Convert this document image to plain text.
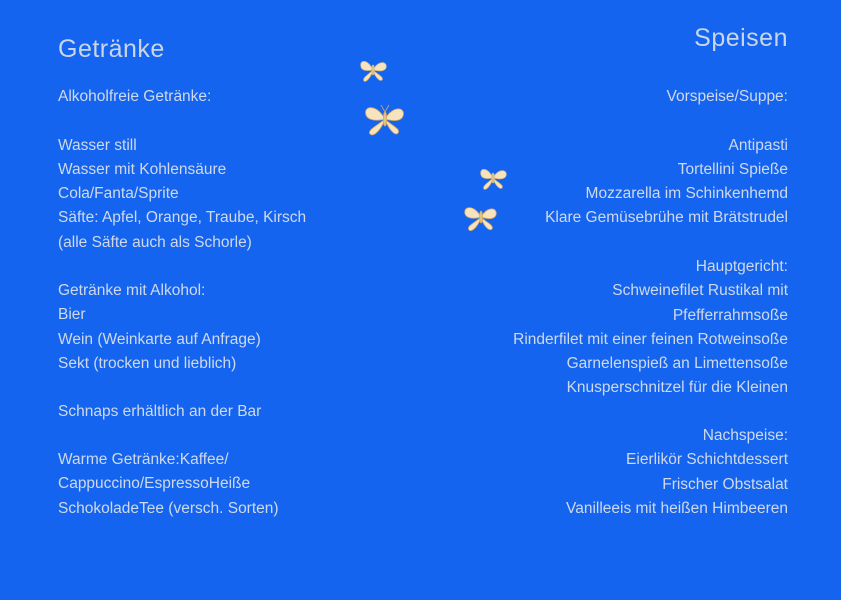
Getränke	Speisen
Alkoholfreie Getränke:
Wasser still
Wasser mit Kohlensäure
Cola/Fanta/Sprite
Säfte: Apfel, Orange, Traube, Kirsch
(alle Säfte auch als Schorle)
Getränke mit Alkohol:
Bier
Wein (Weinkarte auf Anfrage)
Sekt (trocken und lieblich)
Schnaps erhältlich an der Bar
Warme Getränke:Kaffee/
Cappuccino/EspressoHeiße
SchokoladeTee (versch. Sorten)
Vorspeise/Suppe:
Antipasti
Tortellini Spieße
Mozzarella im Schinkenhemd
Klare Gemüsebrühe mit Brätstrudel
Hauptgericht:
Schweinefilet Rustikal mit
Pfefferrahmsoße
Rinderfilet mit einer feinen Rotweinsoße
Garnelenspieß an Limettensoße
Knusperschnitzel für die Kleinen
Nachspeise:
Eierlikör Schichtdessert
Frischer Obstsalat
Vanilleeis mit heißen Himbeeren
